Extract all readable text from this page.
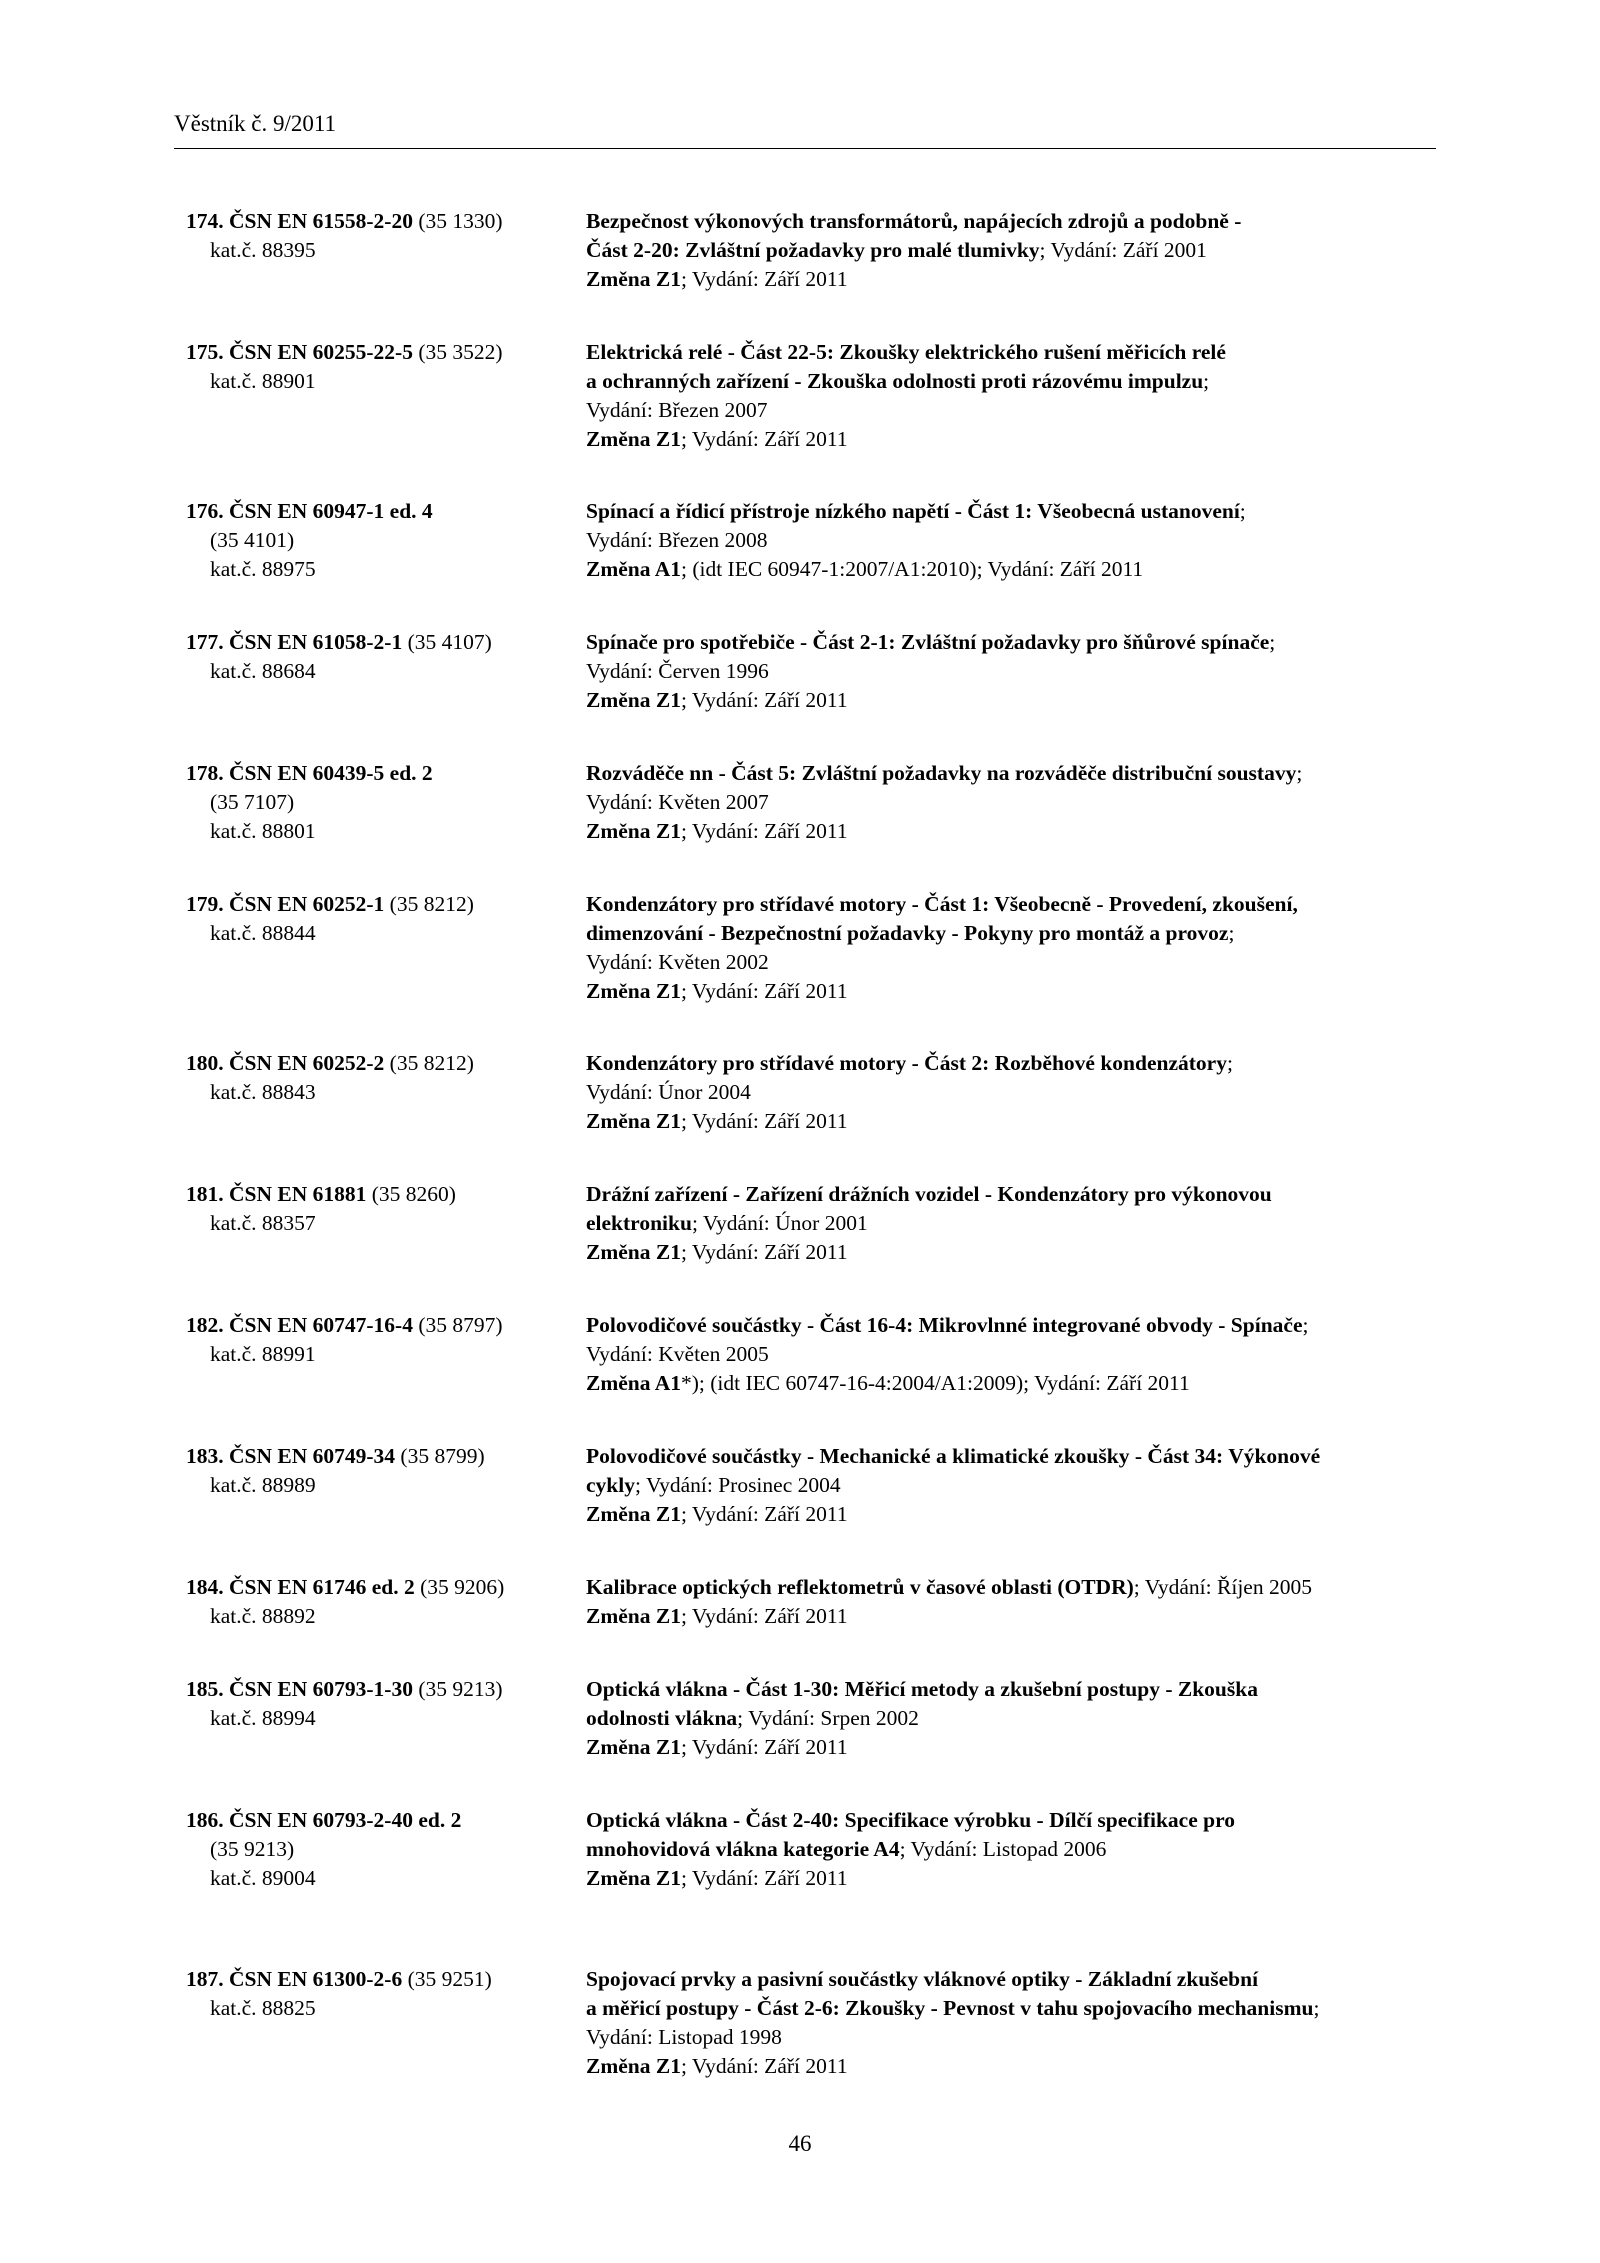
Věstník č. 9/2011
174. ČSN EN 61558-2-20 (35 1330)
kat.č. 88395
Bezpečnost výkonových transformátorů, napájecích zdrojů a podobně -
Část 2-20: Zvláštní požadavky pro malé tlumivky; Vydání: Září 2001
Změna Z1; Vydání: Září 2011
175. ČSN EN 60255-22-5 (35 3522)
kat.č. 88901
Elektrická relé - Část 22-5: Zkoušky elektrického rušení měřicích relé
a ochranných zařízení - Zkouška odolnosti proti rázovému impulzu;
Vydání: Březen 2007
Změna Z1; Vydání: Září 2011
176. ČSN EN 60947-1 ed. 4
(35 4101)
kat.č. 88975
Spínací a řídicí přístroje nízkého napětí - Část 1: Všeobecná ustanovení;
Vydání: Březen 2008
Změna A1; (idt IEC 60947-1:2007/A1:2010); Vydání: Září 2011
177. ČSN EN 61058-2-1 (35 4107)
kat.č. 88684
Spínače pro spotřebiče - Část 2-1: Zvláštní požadavky pro šňůrové spínače;
Vydání: Červen 1996
Změna Z1; Vydání: Září 2011
178. ČSN EN 60439-5 ed. 2
(35 7107)
kat.č. 88801
Rozváděče nn - Část 5: Zvláštní požadavky na rozváděče distribuční soustavy;
Vydání: Květen 2007
Změna Z1; Vydání: Září 2011
179. ČSN EN 60252-1 (35 8212)
kat.č. 88844
Kondenzátory pro střídavé motory - Část 1: Všeobecně - Provedení, zkoušení,
dimenzování - Bezpečnostní požadavky - Pokyny pro montáž a provoz;
Vydání: Květen 2002
Změna Z1; Vydání: Září 2011
180. ČSN EN 60252-2 (35 8212)
kat.č. 88843
Kondenzátory pro střídavé motory - Část 2: Rozběhové kondenzátory;
Vydání: Únor 2004
Změna Z1; Vydání: Září 2011
181. ČSN EN 61881 (35 8260)
kat.č. 88357
Drážní zařízení - Zařízení drážních vozidel - Kondenzátory pro výkonovou
elektroniku; Vydání: Únor 2001
Změna Z1; Vydání: Září 2011
182. ČSN EN 60747-16-4 (35 8797)
kat.č. 88991
Polovodičové součástky - Část 16-4: Mikrovlnné integrované obvody - Spínače;
Vydání: Květen 2005
Změna A1*); (idt IEC 60747-16-4:2004/A1:2009); Vydání: Září 2011
183. ČSN EN 60749-34 (35 8799)
kat.č. 88989
Polovodičové součástky - Mechanické a klimatické zkoušky - Část 34: Výkonové
cykly; Vydání: Prosinec 2004
Změna Z1; Vydání: Září 2011
184. ČSN EN 61746 ed. 2 (35 9206)
kat.č. 88892
Kalibrace optických reflektometrů v časové oblasti (OTDR); Vydání: Říjen 2005
Změna Z1; Vydání: Září 2011
185. ČSN EN 60793-1-30 (35 9213)
kat.č. 88994
Optická vlákna - Část 1-30: Měřicí metody a zkušební postupy - Zkouška
odolnosti vlákna; Vydání: Srpen 2002
Změna Z1; Vydání: Září 2011
186. ČSN EN 60793-2-40 ed. 2
(35 9213)
kat.č. 89004
Optická vlákna - Část 2-40: Specifikace výrobku - Dílčí specifikace pro
mnohovidová vlákna kategorie A4; Vydání: Listopad 2006
Změna Z1; Vydání: Září 2011
187. ČSN EN 61300-2-6 (35 9251)
kat.č. 88825
Spojovací prvky a pasivní součástky vláknové optiky - Základní zkušební
a měřicí postupy - Část 2-6: Zkoušky - Pevnost v tahu spojovacího mechanismu;
Vydání: Listopad 1998
Změna Z1; Vydání: Září 2011
46
